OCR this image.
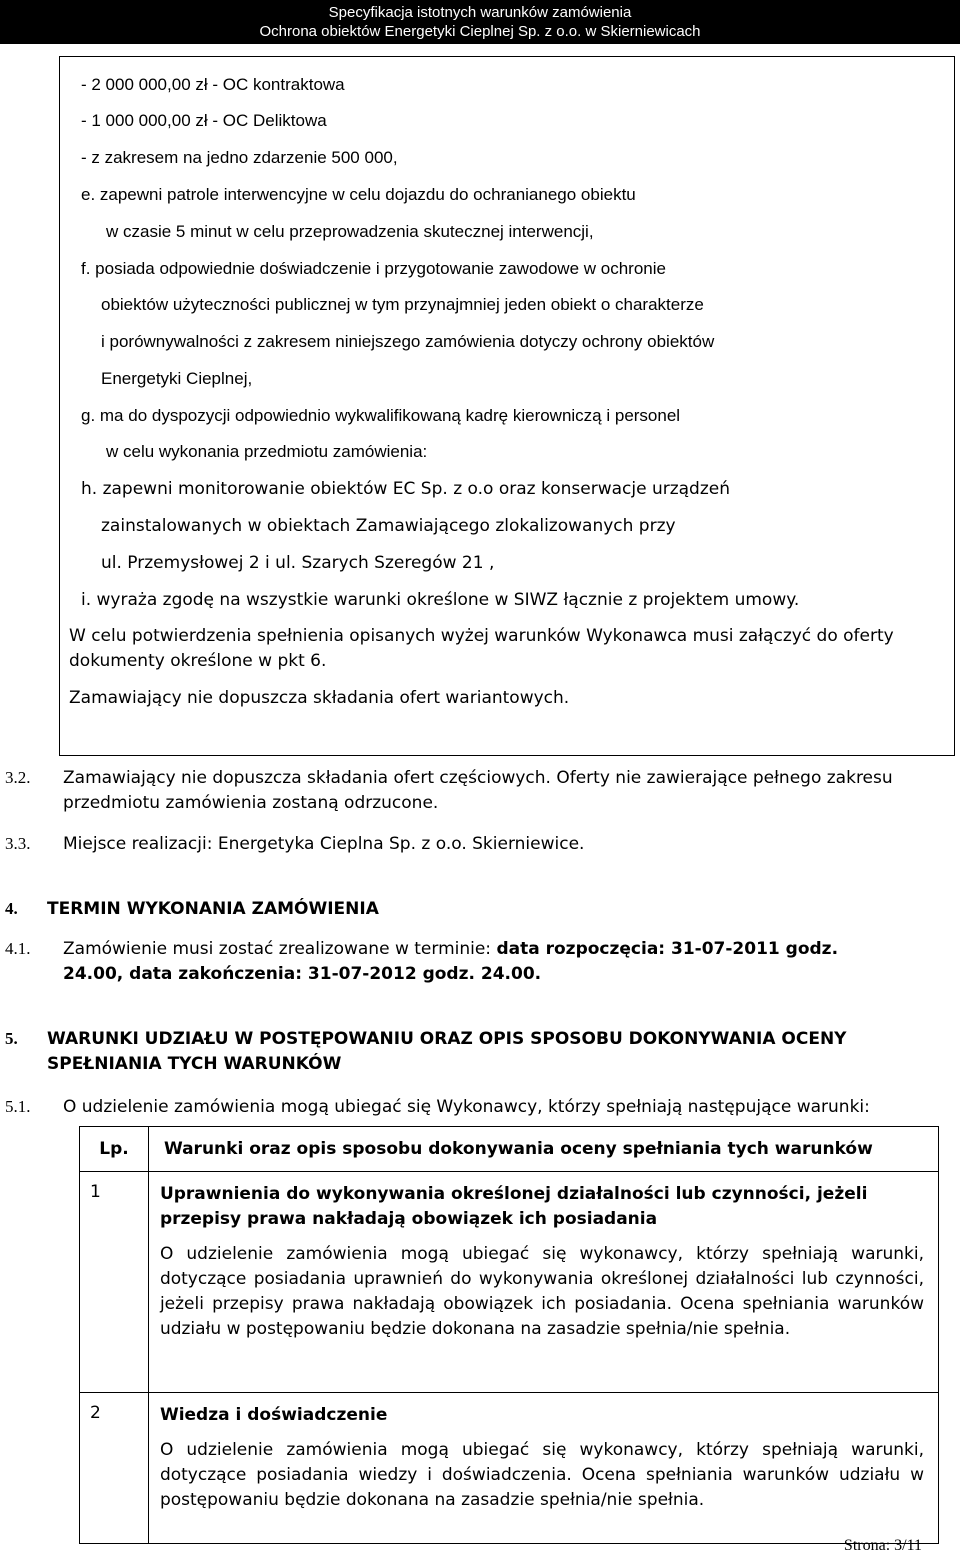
Specyfikacja istotnych warunków zamówienia
Ochrona obiektów Energetyki Cieplnej Sp. z o.o. w Skierniewicach
- 2 000 000,00 zł - OC kontraktowa
- 1 000 000,00 zł - OC Deliktowa
- z zakresem na jedno zdarzenie 500 000,
e. zapewni patrole interwencyjne w celu dojazdu do ochranianego obiektu
w czasie 5 minut w celu przeprowadzenia skutecznej interwencji,
f. posiada odpowiednie doświadczenie i przygotowanie zawodowe w ochronie
obiektów użyteczności publicznej w tym przynajmniej jeden obiekt o charakterze
i porównywalności z zakresem niniejszego zamówienia dotyczy ochrony obiektów
Energetyki Cieplnej,
g. ma do dyspozycji odpowiednio wykwalifikowaną kadrę kierowniczą i personel
w celu wykonania przedmiotu zamówienia:
h. zapewni monitorowanie obiektów EC Sp. z o.o oraz konserwacje urządzeń
zainstalowanych w obiektach Zamawiającego zlokalizowanych przy
ul. Przemysłowej 2 i ul. Szarych Szeregów 21 ,
i. wyraża zgodę na wszystkie warunki określone w SIWZ łącznie z projektem umowy.
W celu potwierdzenia spełnienia opisanych wyżej warunków Wykonawca musi załączyć do oferty
dokumenty określone w pkt 6.
Zamawiający nie dopuszcza składania ofert wariantowych.
3.2. Zamawiający nie dopuszcza składania ofert częściowych. Oferty nie zawierające pełnego zakresu
przedmiotu zamówienia zostaną odrzucone.
3.3. Miejsce realizacji: Energetyka Cieplna Sp. z o.o. Skierniewice.
4. TERMIN WYKONANIA ZAMÓWIENIA
4.1. Zamówienie musi zostać zrealizowane w terminie: data rozpoczęcia: 31-07-2011 godz.
24.00, data zakończenia: 31-07-2012 godz. 24.00.
5. WARUNKI UDZIAŁU W POSTĘPOWANIU ORAZ OPIS SPOSOBU DOKONYWANIA OCENY
SPEŁNIANIA TYCH WARUNKÓW
5.1. O udzielenie zamówienia mogą ubiegać się Wykonawcy, którzy spełniają następujące warunki:
Lp.	Warunki oraz opis sposobu dokonywania oceny spełniania tych warunków
1	Uprawnienia do wykonywania określonej działalności lub czynności, jeżeli przepisy prawa nakładają obowiązek ich posiadania
O udzielenie zamówienia mogą ubiegać się wykonawcy, którzy spełniają warunki, dotyczące posiadania uprawnień do wykonywania określonej działalności lub czynności, jeżeli przepisy prawa nakładają obowiązek ich posiadania. Ocena spełniania warunków udziału w postępowaniu będzie dokonana na zasadzie spełnia/nie spełnia.

2	Wiedza i doświadczenie
O udzielenie zamówienia mogą ubiegać się wykonawcy, którzy spełniają warunki, dotyczące posiadania wiedzy i doświadczenia. Ocena spełniania warunków udziału w postępowaniu będzie dokonana na zasadzie spełnia/nie spełnia.
Strona: 3/11
